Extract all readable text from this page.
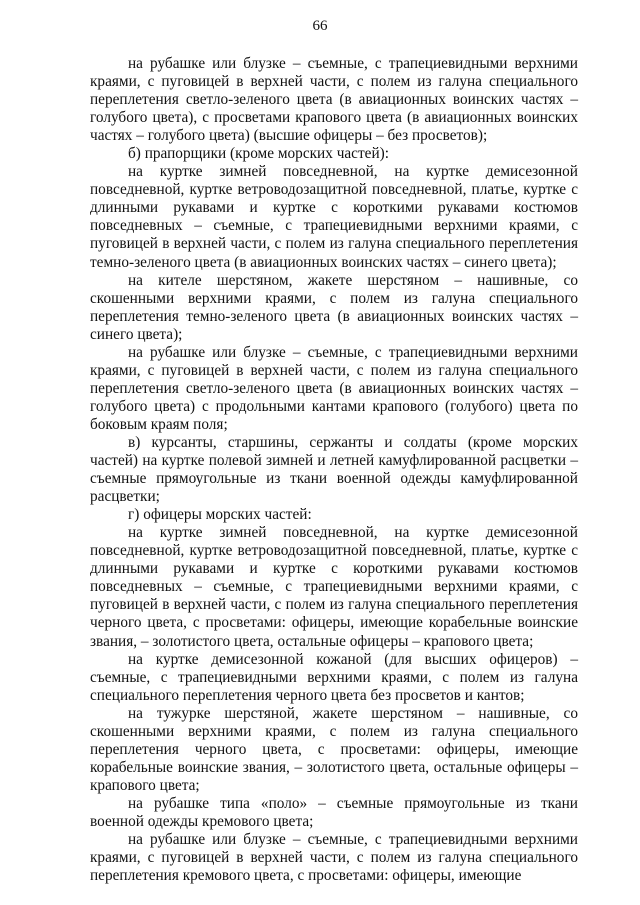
66

на рубашке или блузке – съемные, с трапециевидными верхними краями, с пуговицей в верхней части, с полем из галуна специального переплетения светло-зеленого цвета (в авиационных воинских частях – голубого цвета), с просветами крапового цвета (в авиационных воинских частях – голубого цвета) (высшие офицеры – без просветов);

б) прапорщики (кроме морских частей):

на куртке зимней повседневной, на куртке демисезонной повседневной, куртке ветроводозащитной повседневной, платье, куртке с длинными рукавами и куртке с короткими рукавами костюмов повседневных – съемные, с трапециевидными верхними краями, с пуговицей в верхней части, с полем из галуна специального переплетения темно-зеленого цвета (в авиационных воинских частях – синего цвета);

на кителе шерстяном, жакете шерстяном – нашивные, со скошенными верхними краями, с полем из галуна специального переплетения темно-зеленого цвета (в авиационных воинских частях – синего цвета);

на рубашке или блузке – съемные, с трапециевидными верхними краями, с пуговицей в верхней части, с полем из галуна специального переплетения светло-зеленого цвета (в авиационных воинских частях – голубого цвета) с продольными кантами крапового (голубого) цвета по боковым краям поля;

в) курсанты, старшины, сержанты и солдаты (кроме морских частей) на куртке полевой зимней и летней камуфлированной расцветки – съемные прямоугольные из ткани военной одежды камуфлированной расцветки;

г) офицеры морских частей:

на куртке зимней повседневной, на куртке демисезонной повседневной, куртке ветроводозащитной повседневной, платье, куртке с длинными рукавами и куртке с короткими рукавами костюмов повседневных – съемные, с трапециевидными верхними краями, с пуговицей в верхней части, с полем из галуна специального переплетения черного цвета, с просветами: офицеры, имеющие корабельные воинские звания, – золотистого цвета, остальные офицеры – крапового цвета;

на куртке демисезонной кожаной (для высших офицеров) – съемные, с трапециевидными верхними краями, с полем из галуна специального переплетения черного цвета без просветов и кантов;

на тужурке шерстяной, жакете шерстяном – нашивные, со скошенными верхними краями, с полем из галуна специального переплетения черного цвета, с просветами: офицеры, имеющие корабельные воинские звания, – золотистого цвета, остальные офицеры – крапового цвета;

на рубашке типа «поло» – съемные прямоугольные из ткани военной одежды кремового цвета;

на рубашке или блузке – съемные, с трапециевидными верхними краями, с пуговицей в верхней части, с полем из галуна специального переплетения кремового цвета, с просветами: офицеры, имеющие
